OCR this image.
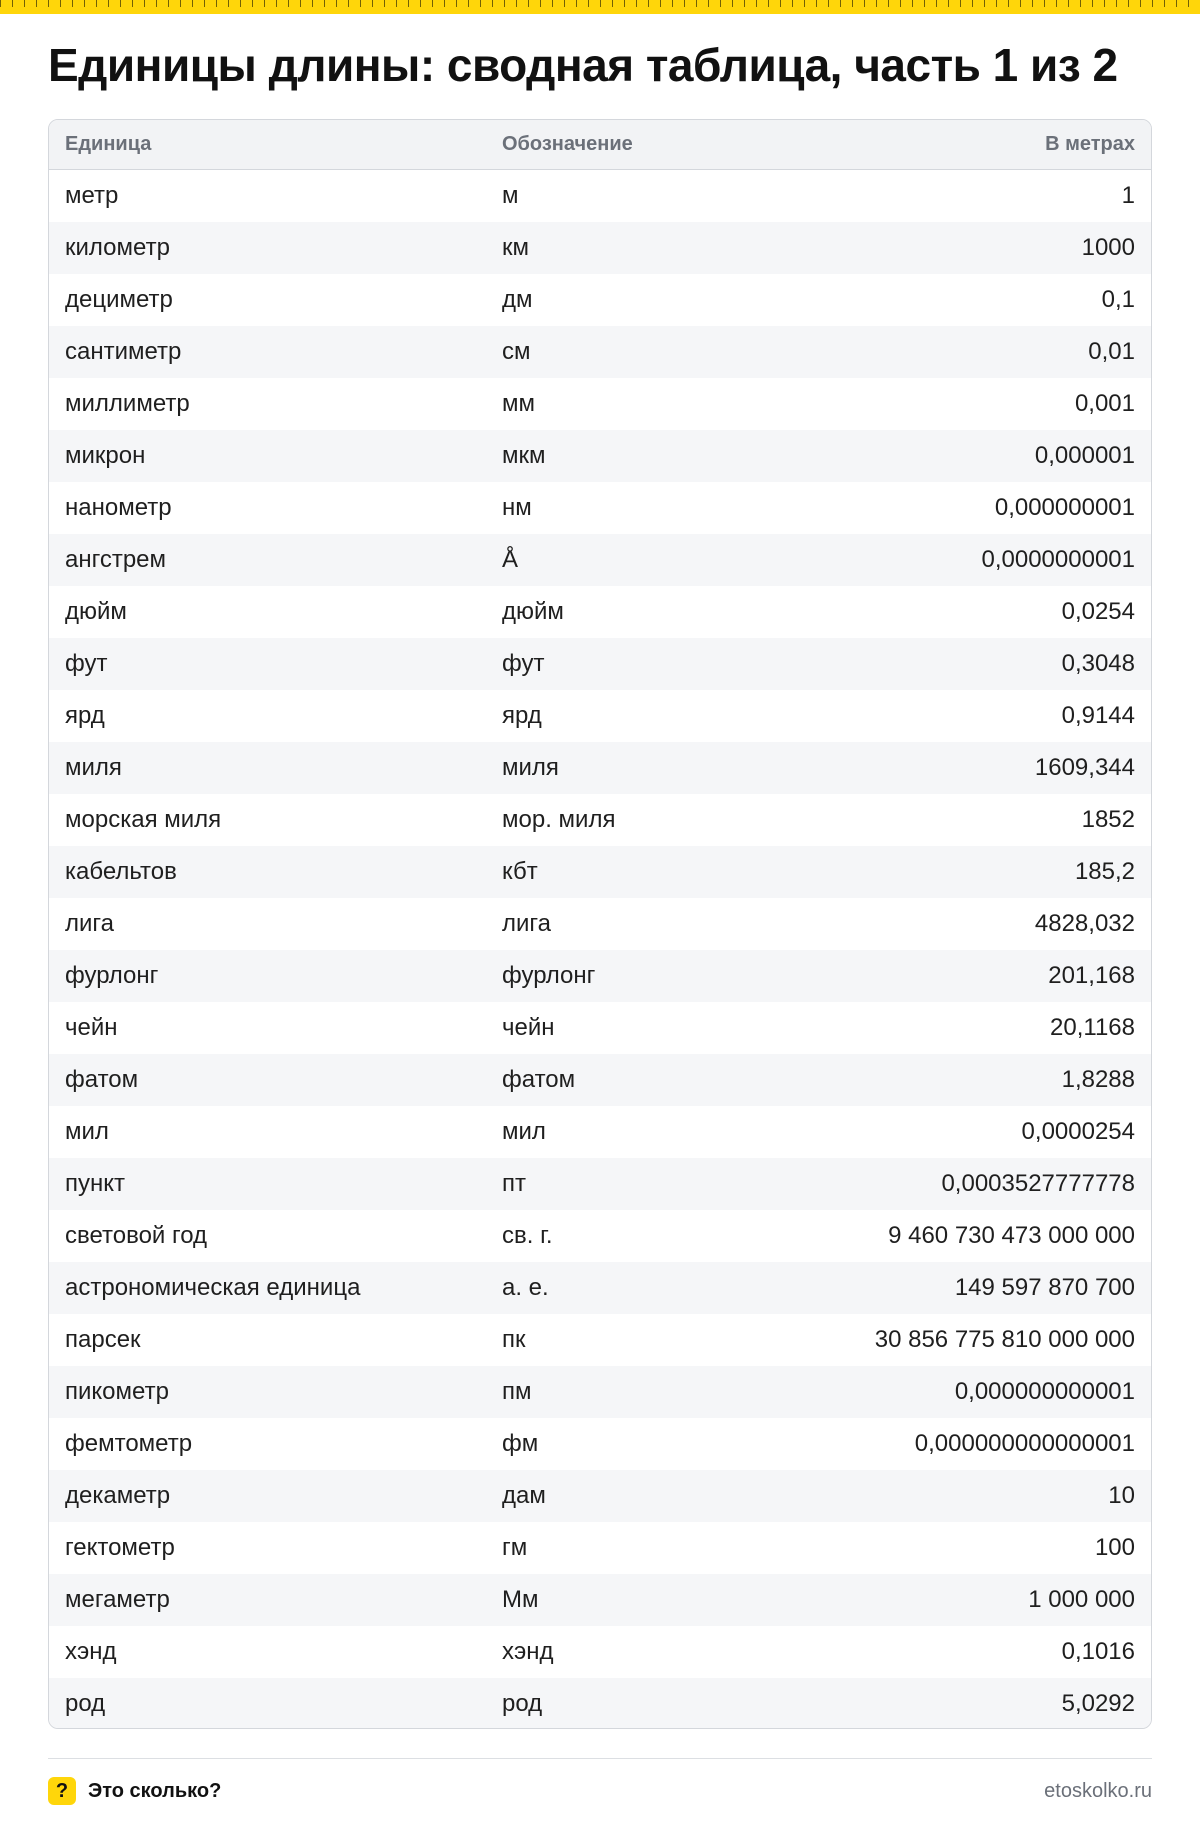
Единицы длины: сводная таблица, часть 1 из 2
Единица	Обозначение	В метрах
метр	м	1
километр	км	1000
дециметр	дм	0,1
сантиметр	см	0,01
миллиметр	мм	0,001
микрон	мкм	0,000001
нанометр	нм	0,000000001
ангстрем	Å	0,0000000001
дюйм	дюйм	0,0254
фут	фут	0,3048
ярд	ярд	0,9144
миля	миля	1609,344
морская миля	мор. миля	1852
кабельтов	кбт	185,2
лига	лига	4828,032
фурлонг	фурлонг	201,168
чейн	чейн	20,1168
фатом	фатом	1,8288
мил	мил	0,0000254
пункт	пт	0,0003527777778
световой год	св. г.	9 460 730 473 000 000
астрономическая единица	а. е.	149 597 870 700
парсек	пк	30 856 775 810 000 000
пикометр	пм	0,000000000001
фемтометр	фм	0,000000000000001
декаметр	дам	10
гектометр	гм	100
мегаметр	Мм	1 000 000
хэнд	хэнд	0,1016
род	род	5,0292
? Это сколько?	etoskolko.ru
